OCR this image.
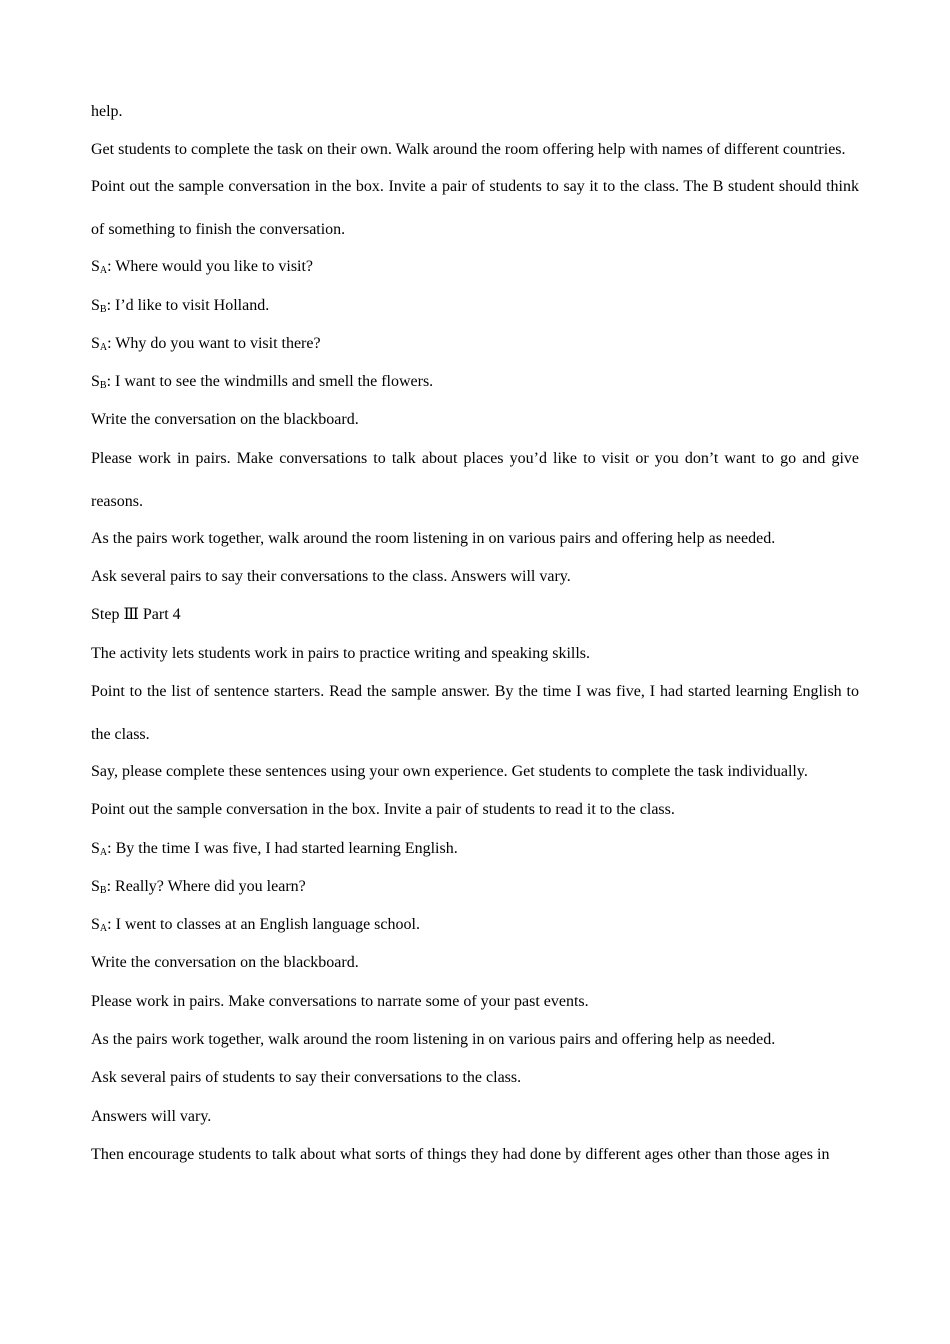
help.

Get students to complete the task on their own. Walk around the room offering help with names of different countries.

Point out the sample conversation in the box. Invite a pair of students to say it to the class. The B student should think of something to finish the conversation.

$S_A$: Where would you like to visit?

$S_B$: I’d like to visit Holland.

$S_A$: Why do you want to visit there?

$S_B$: I want to see the windmills and smell the flowers.

Write the conversation on the blackboard.

Please work in pairs. Make conversations to talk about places you’d like to visit or you don’t want to go and give reasons.

As the pairs work together, walk around the room listening in on various pairs and offering help as needed.

Ask several pairs to say their conversations to the class. Answers will vary.

Step Ⅲ Part 4

The activity lets students work in pairs to practice writing and speaking skills.

Point to the list of sentence starters. Read the sample answer. By the time I was five, I had started learning English to the class.

Say, please complete these sentences using your own experience. Get students to complete the task individually.

Point out the sample conversation in the box. Invite a pair of students to read it to the class.

$S_A$: By the time I was five, I had started learning English.

$S_B$: Really? Where did you learn?

$S_A$: I went to classes at an English language school.

Write the conversation on the blackboard.

Please work in pairs. Make conversations to narrate some of your past events.

As the pairs work together, walk around the room listening in on various pairs and offering help as needed.

Ask several pairs of students to say their conversations to the class.

Answers will vary.

Then encourage students to talk about what sorts of things they had done by different ages other than those ages in
